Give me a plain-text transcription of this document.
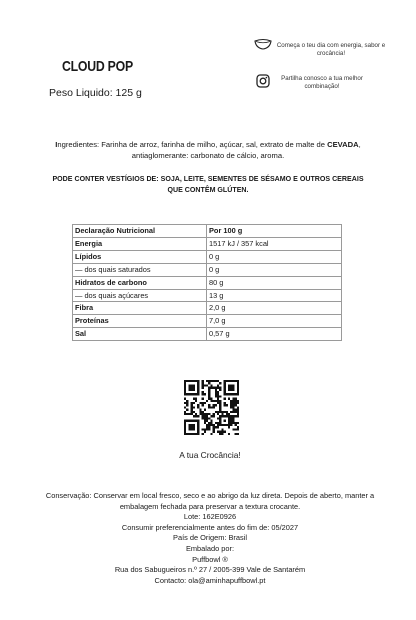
CLOUD POP
Peso Liquido: 125 g
Começa o teu dia com energia, sabor e crocância!
Partilha conosco a tua melhor combinação!
Ingredientes: Farinha de arroz, farinha de milho, açúcar, sal, extrato de malte de CEVADA, antiaglomerante: carbonato de cálcio, aroma.
PODE CONTER VESTÍGIOS DE: SOJA, LEITE, SEMENTES DE SÉSAMO E OUTROS CEREAIS QUE CONTÊM GLÚTEN.
Declaração Nutricional	Por 100 g
Energia	1517 kJ / 357 kcal
Lípidos	0 g
— dos quais saturados	0 g
Hidratos de carbono	80 g
— dos quais açúcares	13 g
Fibra	2,0 g
Proteínas	7,0 g
Sal	0,57 g
A tua Crocância!
Conservação: Conservar em local fresco, seco e ao abrigo da luz direta. Depois de aberto, manter a embalagem fechada para preservar a textura crocante.
Lote: 162E0926
Consumir preferencialmente antes do fim de: 05/2027
País de Origem: Brasil
Embalado por:
Puffbowl ®
Rua dos Sabugueiros n.º 27 / 2005-399 Vale de Santarém
Contacto: ola@aminhapuffbowl.pt
